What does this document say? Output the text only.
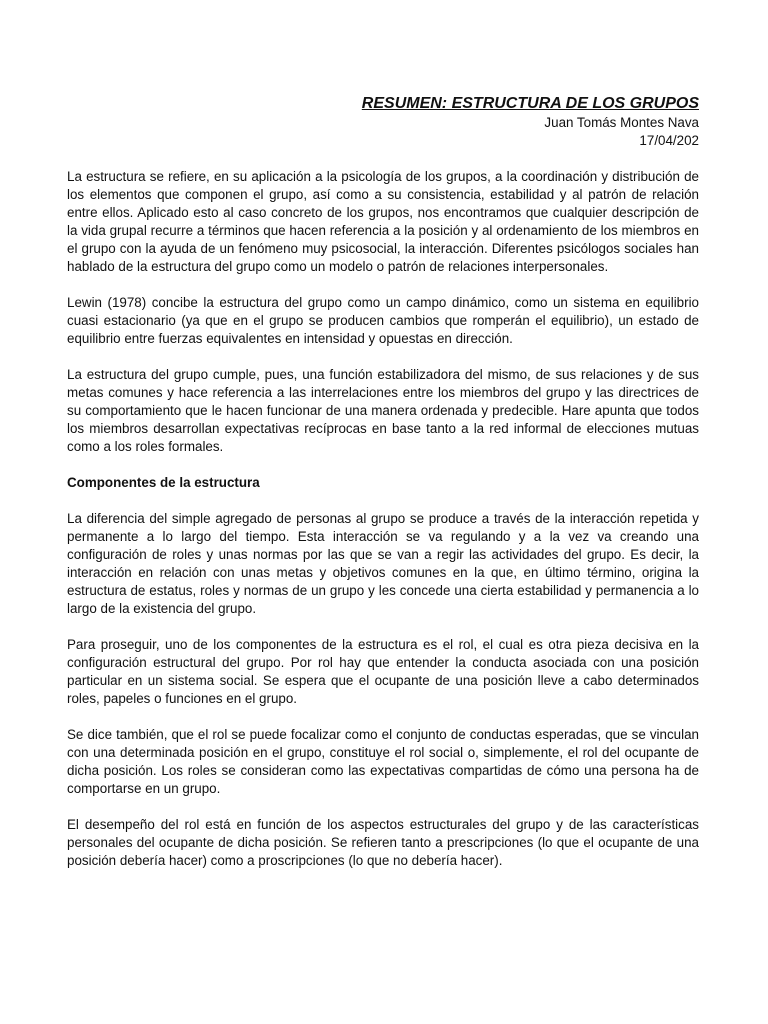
RESUMEN: ESTRUCTURA DE LOS GRUPOS
Juan Tomás Montes Nava
17/04/202

La estructura se refiere, en su aplicación a la psicología de los grupos, a la coordinación y distribución de los elementos que componen el grupo, así como a su consistencia, estabilidad y al patrón de relación entre ellos. Aplicado esto al caso concreto de los grupos, nos encontramos que cualquier descripción de la vida grupal recurre a términos que hacen referencia a la posición y al ordenamiento de los miembros en el grupo con la ayuda de un fenómeno muy psicosocial, la interacción. Diferentes psicólogos sociales han hablado de la estructura del grupo como un modelo o patrón de relaciones interpersonales.

Lewin (1978) concibe la estructura del grupo como un campo dinámico, como un sistema en equilibrio cuasi estacionario (ya que en el grupo se producen cambios que romperán el equilibrio), un estado de equilibrio entre fuerzas equivalentes en intensidad y opuestas en dirección.

La estructura del grupo cumple, pues, una función estabilizadora del mismo, de sus relaciones y de sus metas comunes y hace referencia a las interrelaciones entre los miembros del grupo y las directrices de su comportamiento que le hacen funcionar de una manera ordenada y predecible. Hare apunta que todos los miembros desarrollan expectativas recíprocas en base tanto a la red informal de elecciones mutuas como a los roles formales.

Componentes de la estructura

La diferencia del simple agregado de personas al grupo se produce a través de la interacción repetida y permanente a lo largo del tiempo. Esta interacción se va regulando y a la vez va creando una configuración de roles y unas normas por las que se van a regir las actividades del grupo. Es decir, la interacción en relación con unas metas y objetivos comunes en la que, en último término, origina la estructura de estatus, roles y normas de un grupo y les concede una cierta estabilidad y permanencia a lo largo de la existencia del grupo.

Para proseguir, uno de los componentes de la estructura es el rol, el cual es otra pieza decisiva en la configuración estructural del grupo. Por rol hay que entender la conducta asociada con una posición particular en un sistema social. Se espera que el ocupante de una posición lleve a cabo determinados roles, papeles o funciones en el grupo.

Se dice también, que el rol se puede focalizar como el conjunto de conductas esperadas, que se vinculan con una determinada posición en el grupo, constituye el rol social o, simplemente, el rol del ocupante de dicha posición. Los roles se consideran como las expectativas compartidas de cómo una persona ha de comportarse en un grupo.

El desempeño del rol está en función de los aspectos estructurales del grupo y de las características personales del ocupante de dicha posición. Se refieren tanto a prescripciones (lo que el ocupante de una posición debería hacer) como a proscripciones (lo que no debería hacer).
